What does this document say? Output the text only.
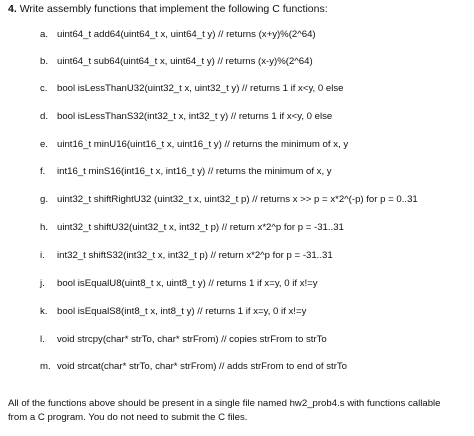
4. Write assembly functions that implement the following C functions:
a. uint64_t add64(uint64_t x, uint64_t y) // returns (x+y)%(2^64)
b. uint64_t sub64(uint64_t x, uint64_t y) // returns (x-y)%(2^64)
c. bool isLessThanU32(uint32_t x, uint32_t y) // returns 1 if x<y, 0 else
d. bool isLessThanS32(int32_t x, int32_t y) // returns 1 if x<y, 0 else
e. uint16_t minU16(uint16_t x, uint16_t y) // returns the minimum of x, y
f.	int16_t minS16(int16_t x, int16_t y) // returns the minimum of x, y
g. uint32_t shiftRightU32 (uint32_t x, uint32_t p) // returns x >> p = x*2^(-p) for p = 0..31
h. uint32_t shiftU32(uint32_t x, int32_t p) // return x*2^p for p = -31..31
i.	int32_t shiftS32(int32_t x, int32_t p) // return x*2^p for p = -31..31
j.	bool isEqualU8(uint8_t x, uint8_t y) // returns 1 if x=y, 0 if x!=y
k. bool isEqualS8(int8_t x, int8_t y) // returns 1 if x=y, 0 if x!=y
l.	void strcpy(char* strTo, char* strFrom) // copies strFrom to strTo
m. void strcat(char* strTo, char* strFrom) // adds strFrom to end of strTo
All of the functions above should be present in a single file named hw2_prob4.s with functions callable
from a C program. You do not need to submit the C files.
